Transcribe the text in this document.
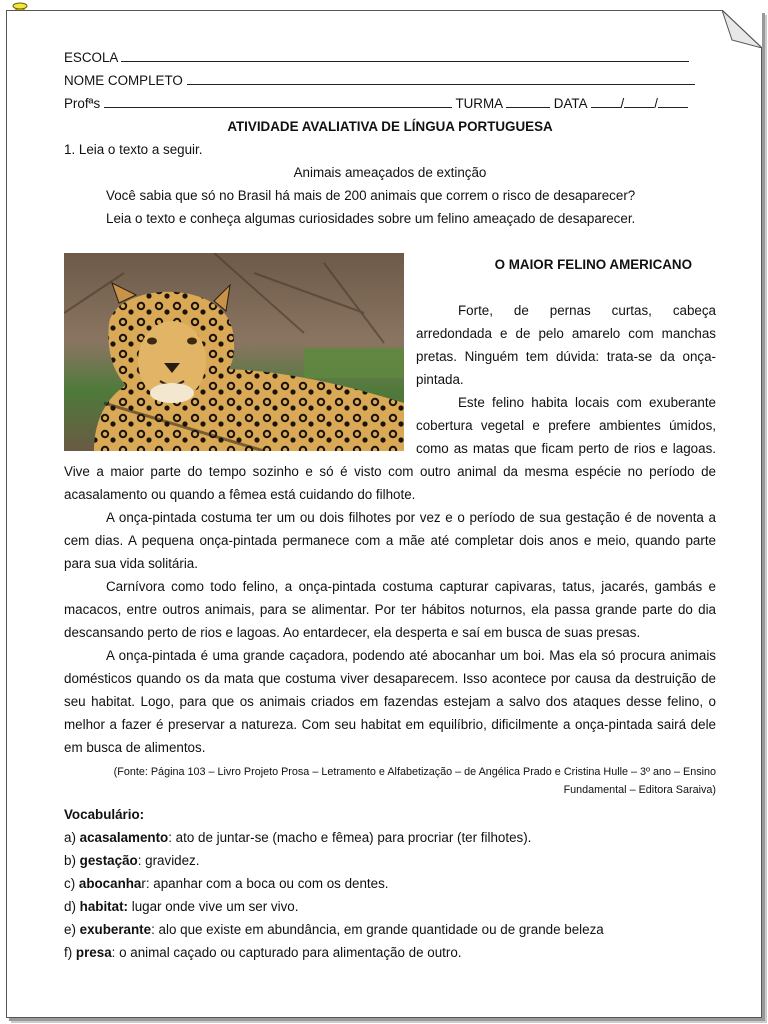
ESCOLA
NOME COMPLETO
Profªs	TURMA	DATA	/ /

ATIVIDADE AVALIATIVA DE LÍNGUA PORTUGUESA

1. Leia o texto a seguir.

Animais ameaçados de extinção

Você sabia que só no Brasil há mais de 200 animais que correm o risco de desaparecer?

Leia o texto e conheça algumas curiosidades sobre um felino ameaçado de desaparecer.

O MAIOR FELINO AMERICANO

Forte, de pernas curtas, cabeça arredondada e de pelo amarelo com manchas pretas. Ninguém tem dúvida: trata-se da onça-pintada.

Este felino habita locais com exuberante cobertura vegetal e prefere ambientes úmidos, como as matas que ficam perto de rios e lagoas. Vive a maior parte do tempo sozinho e só é visto com outro animal da mesma espécie no período de acasalamento ou quando a fêmea está cuidando do filhote.

A onça-pintada costuma ter um ou dois filhotes por vez e o período de sua gestação é de noventa a cem dias. A pequena onça-pintada permanece com a mãe até completar dois anos e meio, quando parte para sua vida solitária.

Carnívora como todo felino, a onça-pintada costuma capturar capivaras, tatus, jacarés, gambás e macacos, entre outros animais, para se alimentar. Por ter hábitos noturnos, ela passa grande parte do dia descansando perto de rios e lagoas. Ao entardecer, ela desperta e saí em busca de suas presas.

A onça-pintada é uma grande caçadora, podendo até abocanhar um boi. Mas ela só procura animais domésticos quando os da mata que costuma viver desaparecem. Isso acontece por causa da destruição de seu habitat. Logo, para que os animais criados em fazendas estejam a salvo dos ataques desse felino, o melhor a fazer é preservar a natureza. Com seu habitat em equilíbrio, dificilmente a onça-pintada sairá dele em busca de alimentos.

(Fonte: Página 103 – Livro Projeto Prosa – Letramento e Alfabetização – de Angélica Prado e Cristina Hulle – 3º ano – Ensino Fundamental – Editora Saraiva)

Vocabulário:

a) acasalamento: ato de juntar-se (macho e fêmea) para procriar (ter filhotes).

b) gestação: gravidez.

c) abocanhar: apanhar com a boca ou com os dentes.

d) habitat: lugar onde vive um ser vivo.

e) exuberante: alo que existe em abundância, em grande quantidade ou de grande beleza

f) presa: o animal caçado ou capturado para alimentação de outro.
